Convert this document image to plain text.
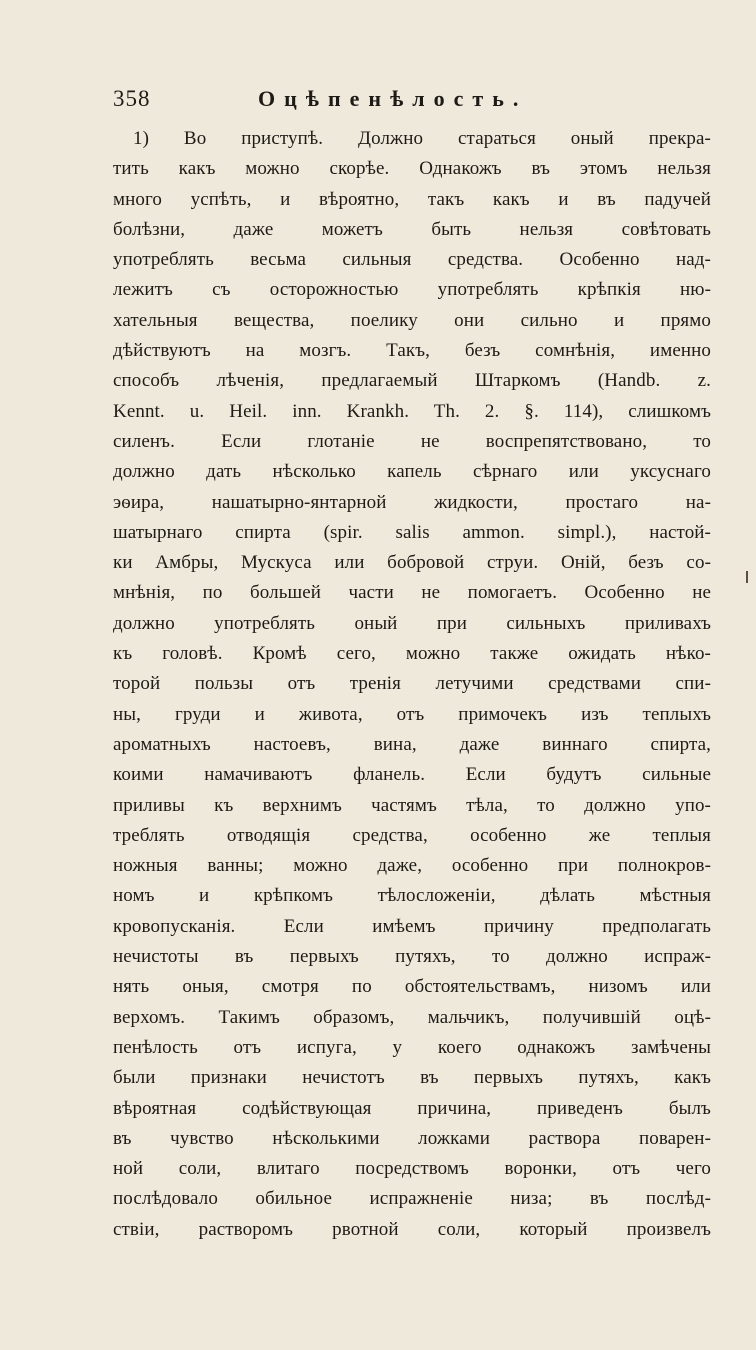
358	Оцѣпенѣлость.
1) Во приступѣ. Должно стараться оный прекра-
тить какъ можно скорѣе. Однакожъ въ этомъ нельзя
много успѣть, и вѣроятно, такъ какъ и въ падучей
болѣзни, даже можетъ быть нельзя совѣтовать
употреблять весьма сильныя средства. Особенно над-
лежитъ съ осторожностью употреблять крѣпкія ню-
хательныя вещества, поелику они сильно и прямо
дѣйствуютъ на мозгъ. Такъ, безъ сомнѣнія, именно
способъ лѣченія, предлагаемый Штаркомъ (Handb. z.
Kennt. u. Heil. inn. Krankh. Th. 2. §. 114), слишкомъ
силенъ. Если глотаніе не воспрепятствовано, то
должно дать нѣсколько капель сѣрнаго или уксуснаго
эѳира, нашатырно-янтарной жидкости, простаго на-
шатырнаго спирта (spir. salis ammon. simpl.), настой-
ки Амбры, Мускуса или бобровой струи. Оній, безъ со-
мнѣнія, по большей части не помогаетъ. Особенно не
должно употреблять оный при сильныхъ приливахъ
къ головѣ. Кромѣ сего, можно также ожидать нѣко-
торой пользы отъ тренія летучими средствами спи-
ны, груди и живота, отъ примочекъ изъ теплыхъ
ароматныхъ настоевъ, вина, даже виннаго спирта,
коими намачиваютъ фланель. Если будутъ сильные
приливы къ верхнимъ частямъ тѣла, то должно упо-
треблять отводящія средства, особенно же теплыя
ножныя ванны; можно даже, особенно при полнокров-
номъ и крѣпкомъ тѣлосложеніи, дѣлать мѣстныя
кровопусканія. Если имѣемъ причину предполагать
нечистоты въ первыхъ путяхъ, то должно испраж-
нять оныя, смотря по обстоятельствамъ, низомъ или
верхомъ. Такимъ образомъ, мальчикъ, получившій оцѣ-
пенѣлость отъ испуга, у коего однакожъ замѣчены
были признаки нечистотъ въ первыхъ путяхъ, какъ
вѣроятная содѣйствующая причина, приведенъ былъ
въ чувство нѣсколькими ложками раствора поварен-
ной соли, влитаго посредствомъ воронки, отъ чего
послѣдовало обильное испражненіе низа; въ послѣд-
ствіи, растворомъ рвотной соли, который произвелъ
